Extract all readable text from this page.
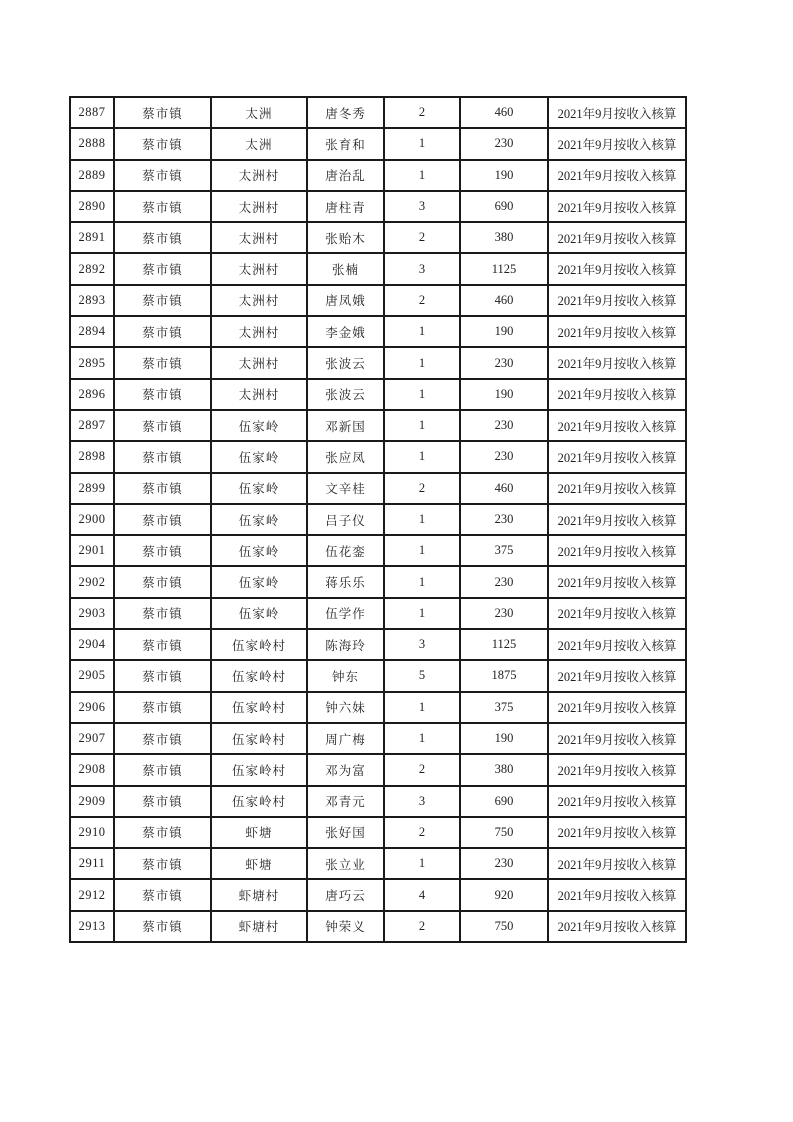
2887	蔡市镇	太洲	唐冬秀	2	460	2021年9月按收入核算
2888	蔡市镇	太洲	张育和	1	230	2021年9月按收入核算
2889	蔡市镇	太洲村	唐治乱	1	190	2021年9月按收入核算
2890	蔡市镇	太洲村	唐柱青	3	690	2021年9月按收入核算
2891	蔡市镇	太洲村	张贻木	2	380	2021年9月按收入核算
2892	蔡市镇	太洲村	张楠	3	1125	2021年9月按收入核算
2893	蔡市镇	太洲村	唐凤娥	2	460	2021年9月按收入核算
2894	蔡市镇	太洲村	李金娥	1	190	2021年9月按收入核算
2895	蔡市镇	太洲村	张波云	1	230	2021年9月按收入核算
2896	蔡市镇	太洲村	张波云	1	190	2021年9月按收入核算
2897	蔡市镇	伍家岭	邓新国	1	230	2021年9月按收入核算
2898	蔡市镇	伍家岭	张应凤	1	230	2021年9月按收入核算
2899	蔡市镇	伍家岭	文辛桂	2	460	2021年9月按收入核算
2900	蔡市镇	伍家岭	吕子仪	1	230	2021年9月按收入核算
2901	蔡市镇	伍家岭	伍花銮	1	375	2021年9月按收入核算
2902	蔡市镇	伍家岭	蒋乐乐	1	230	2021年9月按收入核算
2903	蔡市镇	伍家岭	伍学作	1	230	2021年9月按收入核算
2904	蔡市镇	伍家岭村	陈海玲	3	1125	2021年9月按收入核算
2905	蔡市镇	伍家岭村	钟东	5	1875	2021年9月按收入核算
2906	蔡市镇	伍家岭村	钟六妹	1	375	2021年9月按收入核算
2907	蔡市镇	伍家岭村	周广梅	1	190	2021年9月按收入核算
2908	蔡市镇	伍家岭村	邓为富	2	380	2021年9月按收入核算
2909	蔡市镇	伍家岭村	邓青元	3	690	2021年9月按收入核算
2910	蔡市镇	虾塘	张好国	2	750	2021年9月按收入核算
2911	蔡市镇	虾塘	张立业	1	230	2021年9月按收入核算
2912	蔡市镇	虾塘村	唐巧云	4	920	2021年9月按收入核算
2913	蔡市镇	虾塘村	钟荣义	2	750	2021年9月按收入核算
